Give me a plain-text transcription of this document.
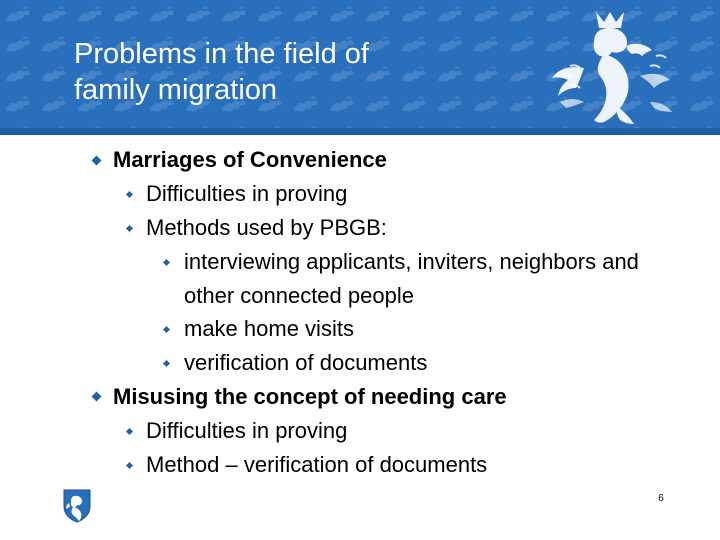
Problems in the field of
family migration
Marriages of Convenience
Difficulties in proving
Methods used by PBGB:
interviewing applicants, inviters, neighbors and other connected people
make home visits
verification of documents
Misusing the concept of needing care
Difficulties in proving
Method – verification of documents
6
